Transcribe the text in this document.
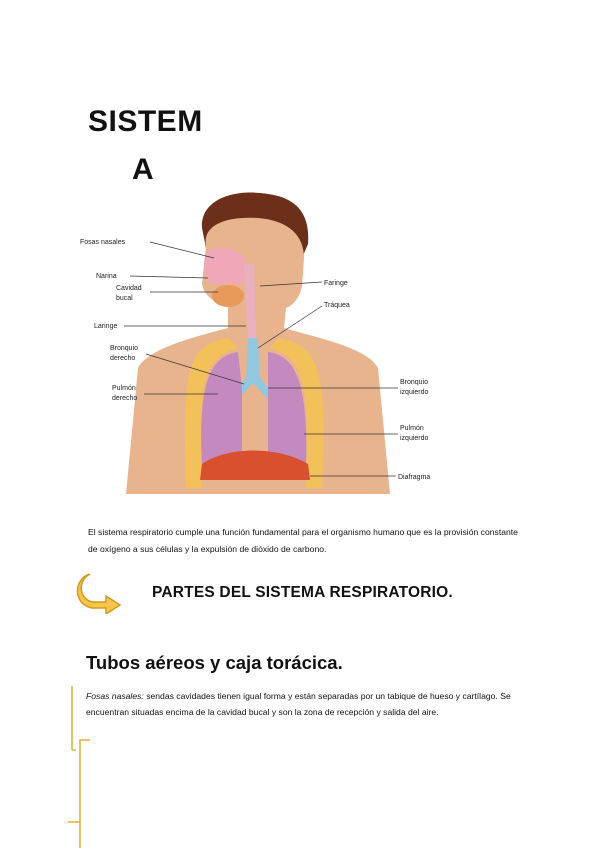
SISTEM
A
Fosas nasales
Narina
Cavidad
bucal
Laringe
Bronquio
derecho
Pulmón
derecho
Faringe
Tráquea
Bronquio
izquierdo
Pulmón
izquierdo
Diafragma
El sistema respiratorio cumple una función fundamental para el organismo humano que es la provisión constante de oxígeno a sus células y la expulsión de dióxido de carbono.
PARTES DEL SISTEMA RESPIRATORIO.
Tubos aéreos y caja torácica.
Fosas nasales: sendas cavidades tienen igual forma y están separadas por un tabique de hueso y cartílago. Se encuentran situadas encima de la cavidad bucal y son la zona de recepción y salida del aire.
